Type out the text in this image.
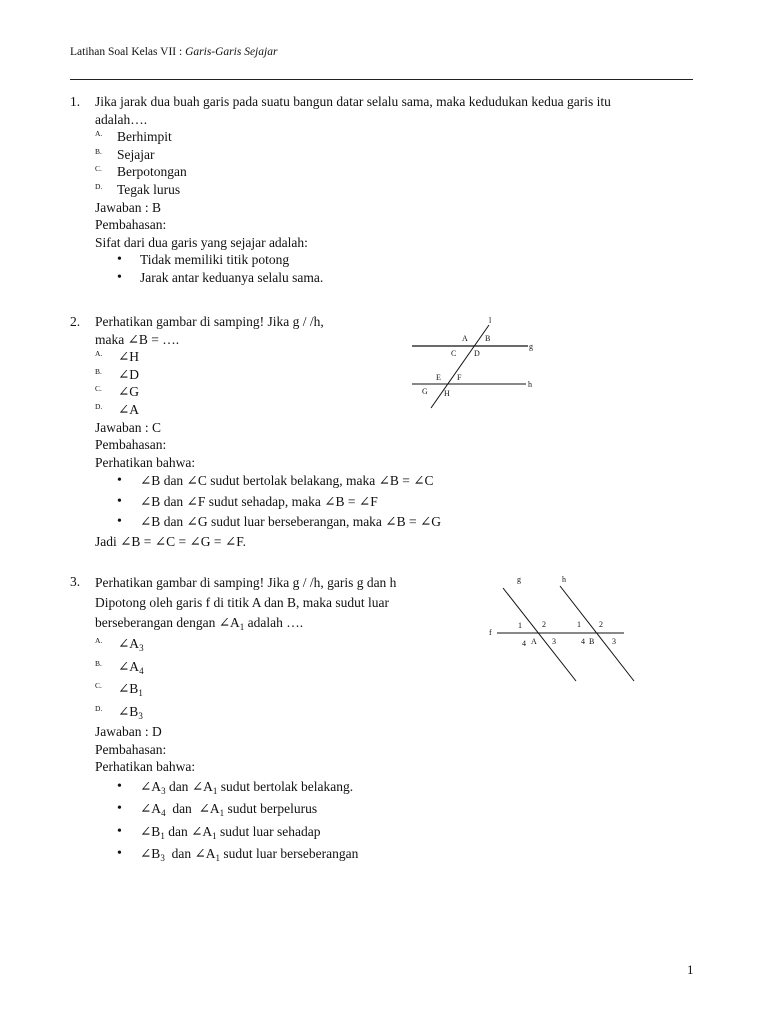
Latihan Soal Kelas VII : Garis-Garis Sejajar
1. Jika jarak dua buah garis pada suatu bangun datar selalu sama, maka kedudukan kedua garis itu
adalah….
A. Berhimpit
B. Sejajar
C. Berpotongan
D. Tegak lurus
Jawaban : B
Pembahasan:
Sifat dari dua garis yang sejajar adalah:
• Tidak memiliki titik potong
• Jarak antar keduanya selalu sama.
2. Perhatikan gambar di samping! Jika g / /h,
maka ∠B = ….
A. ∠H
B. ∠D
C. ∠G
D. ∠A
Jawaban : C
Pembahasan:
Perhatikan bahwa:
• ∠B dan ∠C sudut bertolak belakang, maka ∠B = ∠C
• ∠B dan ∠F sudut sehadap, maka ∠B = ∠F
• ∠B dan ∠G sudut luar berseberangan, maka ∠B = ∠G
Jadi ∠B = ∠C = ∠G = ∠F.
l
g
h
A B
C D
E F
G H
3. Perhatikan gambar di samping! Jika g / /h, garis g dan h
Dipotong oleh garis f di titik A dan B, maka sudut luar
berseberangan dengan $\angle A_1$ adalah ….
A. $\angle A_3$
B. $\angle A_4$
C. $\angle B_1$
D. $\angle B_3$
Jawaban : D
Pembahasan:
Perhatikan bahwa:
• $\angle A_3$ dan $\angle A_1$ sudut bertolak belakang.
• $\angle A_4$  dan  $\angle A_1$ sudut berpelurus
• $\angle B_1$ dan $\angle A_1$ sudut luar sehadap
• $\angle B_3$  dan $\angle A_1$ sudut luar berseberangan
g	h
f
1	2
3
4 A
1 2
3
4 B
1
